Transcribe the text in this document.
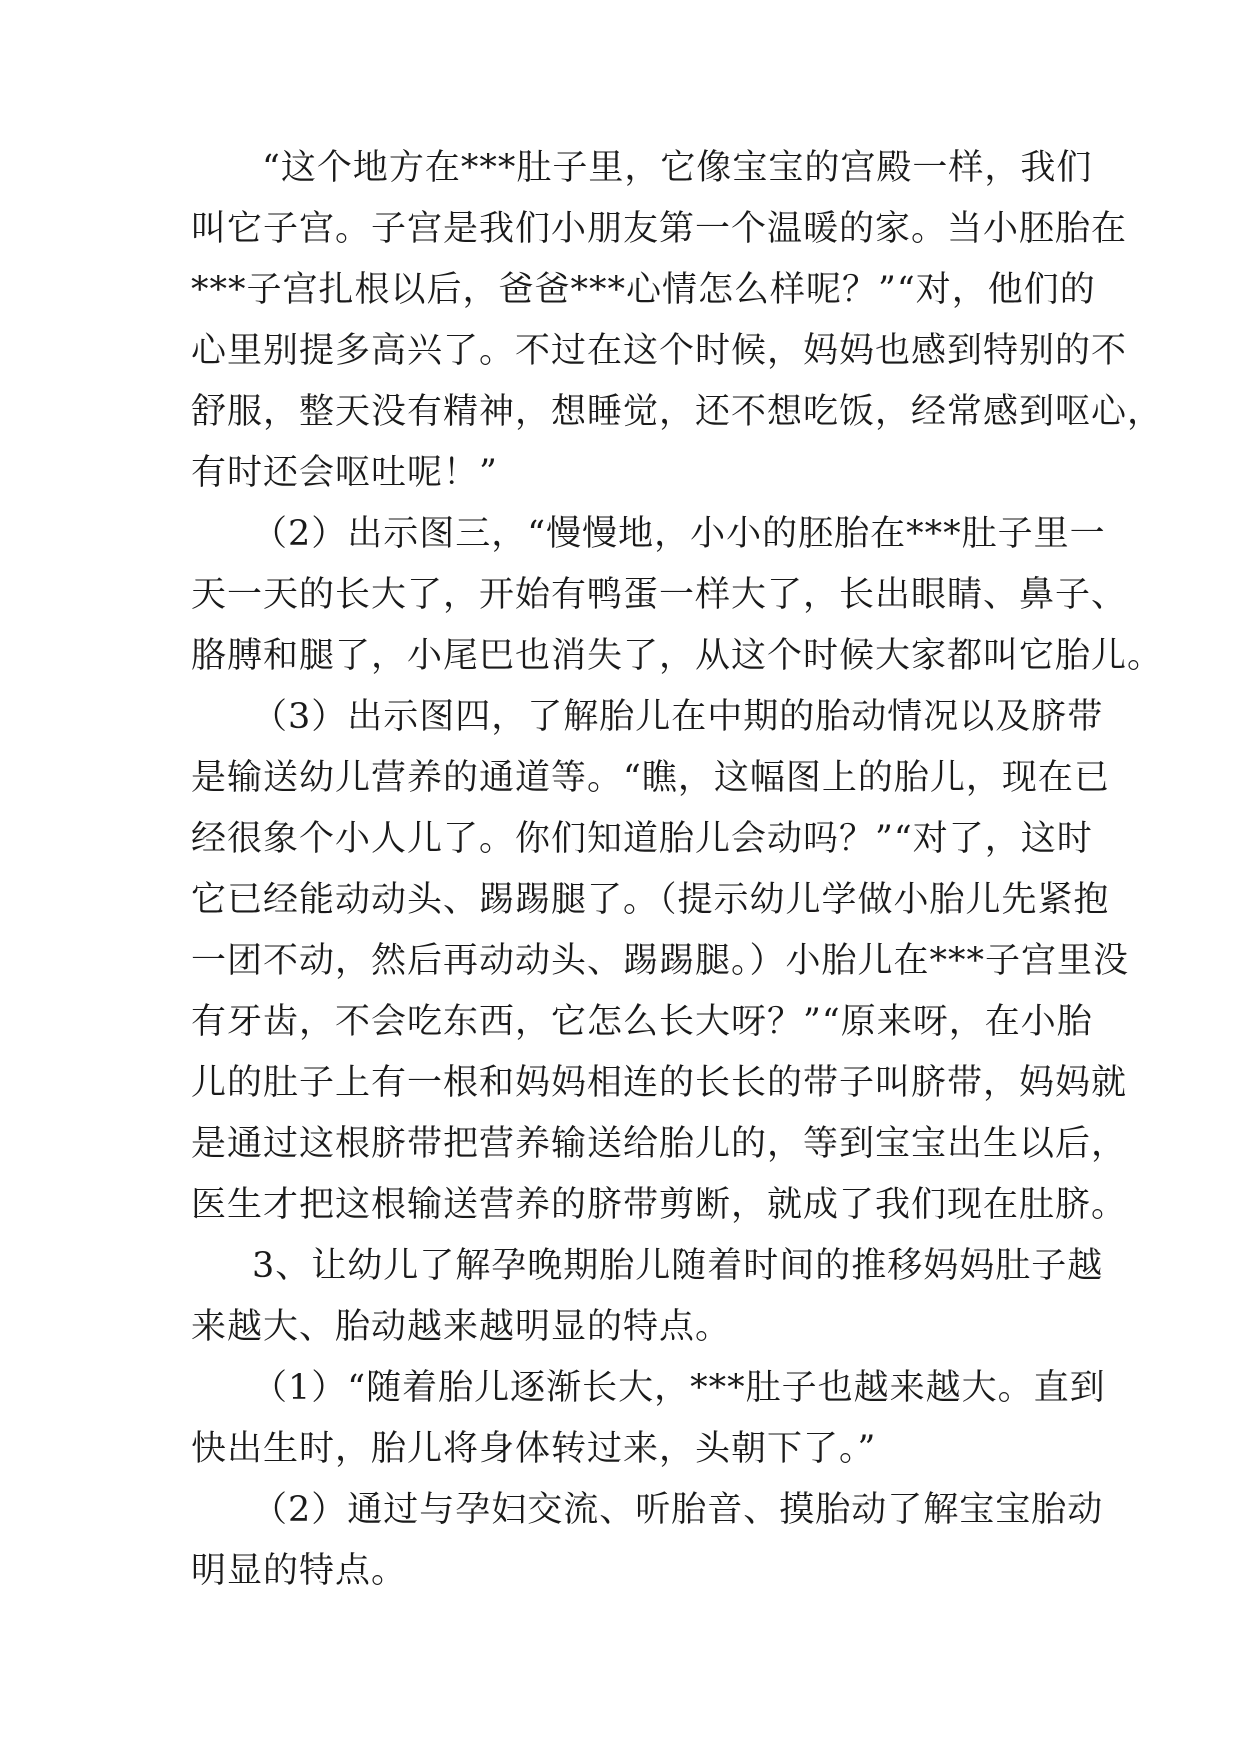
“这个地方在***肚子里，它像宝宝的宫殿一样，我们
叫它子宫。子宫是我们小朋友第一个温暖的家。当小胚胎在
***子宫扎根以后，爸爸***心情怎么样呢？”“对，他们的
心里别提多高兴了。不过在这个时候，妈妈也感到特别的不
舒服，整天没有精神，想睡觉，还不想吃饭，经常感到呕心，
有时还会呕吐呢！”
（2）出示图三，“慢慢地，小小的胚胎在***肚子里一
天一天的长大了，开始有鸭蛋一样大了，长出眼睛、鼻子、
胳膊和腿了，小尾巴也消失了，从这个时候大家都叫它胎儿。
（3）出示图四，了解胎儿在中期的胎动情况以及脐带
是输送幼儿营养的通道等。“瞧，这幅图上的胎儿，现在已
经很象个小人儿了。你们知道胎儿会动吗？”“对了，这时
它已经能动动头、踢踢腿了。（提示幼儿学做小胎儿先紧抱
一团不动，然后再动动头、踢踢腿。）小胎儿在***子宫里没
有牙齿，不会吃东西，它怎么长大呀？”“原来呀，在小胎
儿的肚子上有一根和妈妈相连的长长的带子叫脐带，妈妈就
是通过这根脐带把营养输送给胎儿的，等到宝宝出生以后，
医生才把这根输送营养的脐带剪断，就成了我们现在肚脐。
3、让幼儿了解孕晚期胎儿随着时间的推移妈妈肚子越
来越大、胎动越来越明显的特点。
（1）“随着胎儿逐渐长大，***肚子也越来越大。直到
快出生时，胎儿将身体转过来，头朝下了。”
（2）通过与孕妇交流、听胎音、摸胎动了解宝宝胎动
明显的特点。
